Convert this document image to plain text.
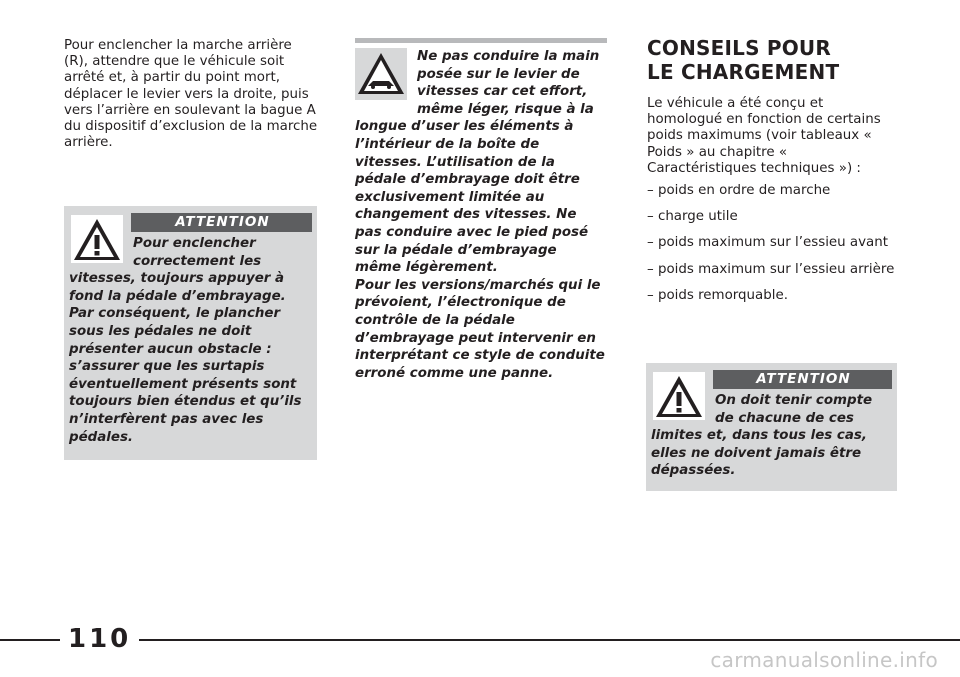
Pour enclencher la marche arrière (R), attendre que le véhicule soit arrêté et, à partir du point mort, déplacer le levier vers la droite, puis vers l’arrière en soulevant la bague A du dispositif d’exclusion de la marche arrière.

ATTENTION

Pour enclencher correctement les vitesses, toujours appuyer à fond la pédale d’embrayage. Par conséquent, le plancher sous les pédales ne doit présenter aucun obstacle : s’assurer que les surtapis éventuellement présents sont toujours bien étendus et qu’ils n’interfèrent pas avec les pédales.

Ne pas conduire la main posée sur le levier de vitesses car cet effort, même léger, risque à la longue d’user les éléments à l’intérieur de la boîte de vitesses. L’utilisation de la pédale d’embrayage doit être exclusivement limitée au changement des vitesses. Ne pas conduire avec le pied posé sur la pédale d’embrayage même légèrement.

Pour les versions/marchés qui le prévoient, l’électronique de contrôle de la pédale d’embrayage peut intervenir en interprétant ce style de conduite erroné comme une panne.

CONSEILS POUR
LE CHARGEMENT

Le véhicule a été conçu et homologué en fonction de certains poids maximums (voir tableaux « Poids » au chapitre « Caractéristiques techniques ») :

– poids en ordre de marche
– charge utile
– poids maximum sur l’essieu avant
– poids maximum sur l’essieu arrière
– poids remorquable.
ATTENTION

On doit tenir compte de chacune de ces limites et, dans tous les cas, elles ne doivent jamais être dépassées.

110
carmanualsonline.info
